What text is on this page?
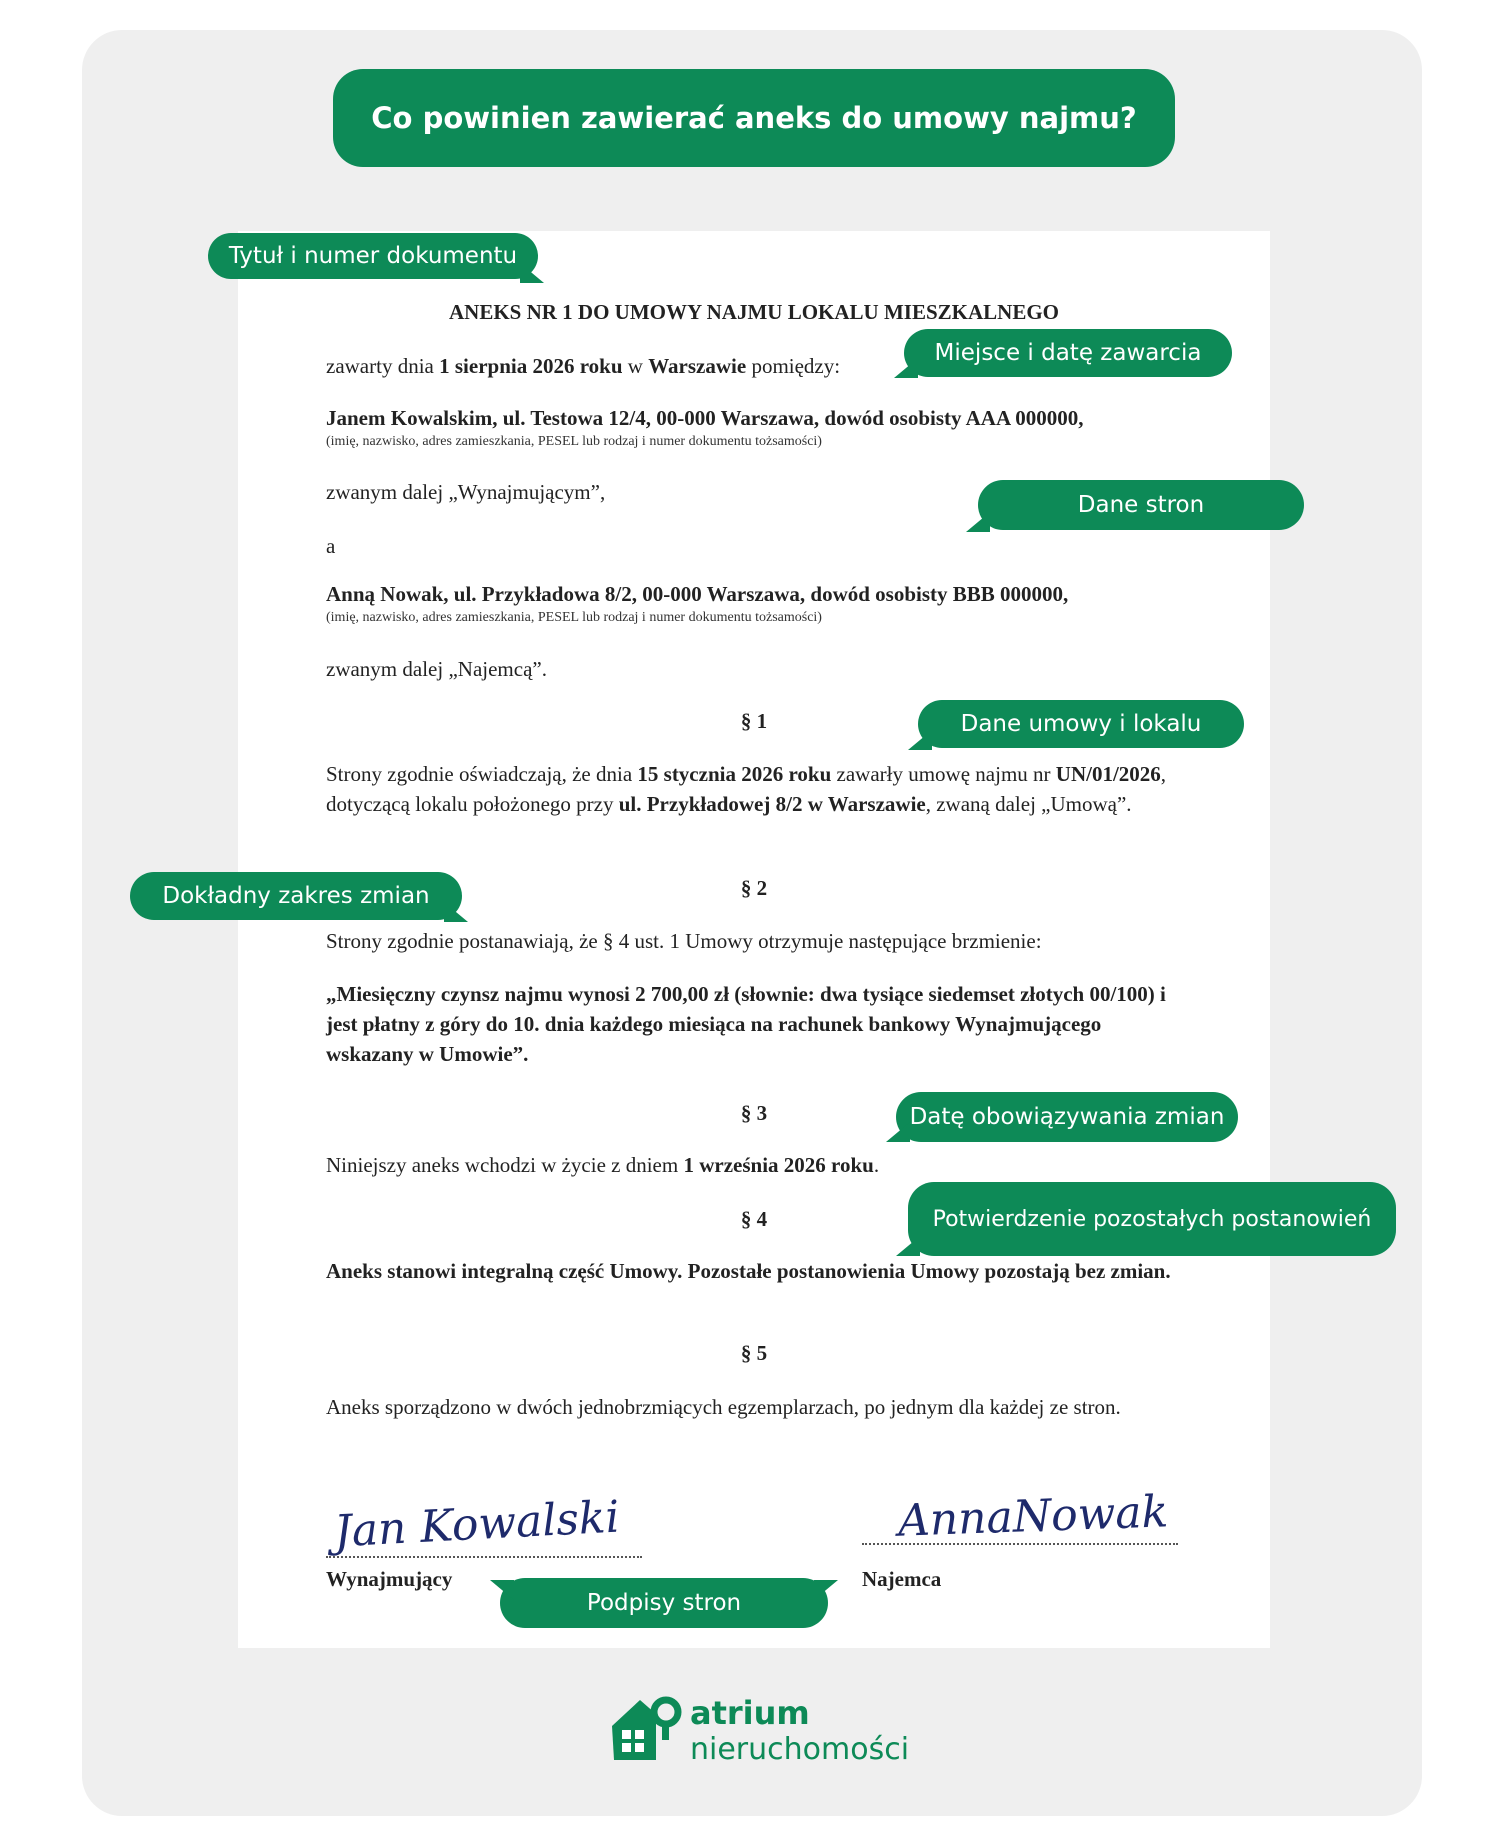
Co powinien zawierać aneks do umowy najmu?
ANEKS NR 1 DO UMOWY NAJMU LOKALU MIESZKALNEGO
zawarty dnia 1 sierpnia 2026 roku w Warszawie pomiędzy:
Janem Kowalskim, ul. Testowa 12/4, 00-000 Warszawa, dowód osobisty AAA 000000,
(imię, nazwisko, adres zamieszkania, PESEL lub rodzaj i numer dokumentu tożsamości)
zwanym dalej „Wynajmującym”,
a
Anną Nowak, ul. Przykładowa 8/2, 00-000 Warszawa, dowód osobisty BBB 000000,
(imię, nazwisko, adres zamieszkania, PESEL lub rodzaj i numer dokumentu tożsamości)
zwanym dalej „Najemcą”.
§ 1
Strony zgodnie oświadczają, że dnia 15 stycznia 2026 roku zawarły umowę najmu nr UN/01/2026, dotyczącą lokalu położonego przy ul. Przykładowej 8/2 w Warszawie, zwaną dalej „Umową”.
§ 2
Strony zgodnie postanawiają, że § 4 ust. 1 Umowy otrzymuje następujące brzmienie:
„Miesięczny czynsz najmu wynosi 2 700,00 zł (słownie: dwa tysiące siedemset złotych 00/100) i jest płatny z góry do 10. dnia każdego miesiąca na rachunek bankowy Wynajmującego wskazany w Umowie”.
§ 3
Niniejszy aneks wchodzi w życie z dniem 1 września 2026 roku.
§ 4
Aneks stanowi integralną część Umowy. Pozostałe postanowienia Umowy pozostają bez zmian.
§ 5
Aneks sporządzono w dwóch jednobrzmiących egzemplarzach, po jednym dla każdej ze stron.
Jan Kowalski
Wynajmujący
AnnaNowak
Najemca
Tytuł i numer dokumentu
Miejsce i datę zawarcia
Dane stron
Dane umowy i lokalu
Dokładny zakres zmian
Datę obowiązywania zmian
Potwierdzenie pozostałych postanowień
Podpisy stron
atrium
nieruchomości
